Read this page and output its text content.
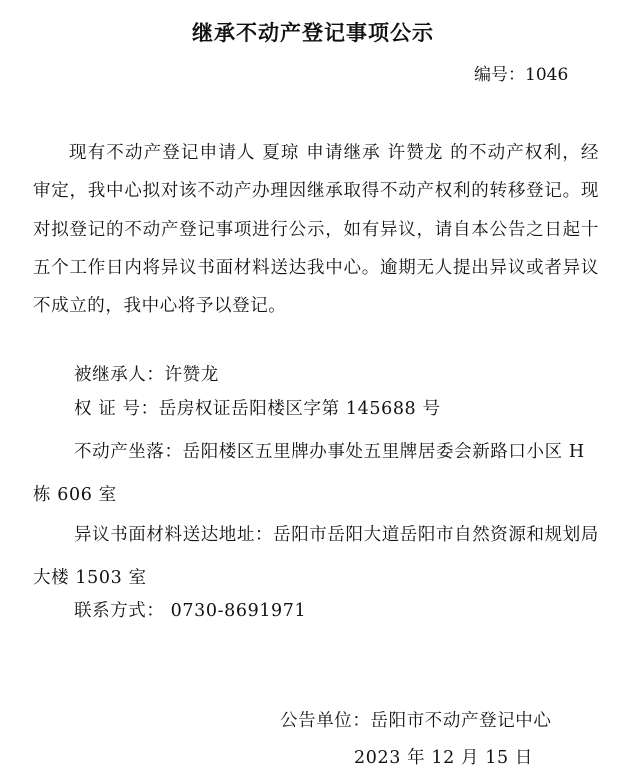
继承不动产登记事项公示
编号：1046

现有不动产登记申请人 夏琼 申请继承 许赞龙 的不动产权利，经审定，我中心拟对该不动产办理因继承取得不动产权利的转移登记。现对拟登记的不动产登记事项进行公示，如有异议，请自本公告之日起十五个工作日内将异议书面材料送达我中心。逾期无人提出异议或者异议不成立的，我中心将予以登记。

被继承人：许赞龙
权 证 号：岳房权证岳阳楼区字第 145688 号

不动产坐落：岳阳楼区五里牌办事处五里牌居委会新路口小区 H 栋 606 室

异议书面材料送达地址：岳阳市岳阳大道岳阳市自然资源和规划局大楼 1503 室

联系方式： 0730-8691971
公告单位：岳阳市不动产登记中心
2023 年 12 月 15 日
